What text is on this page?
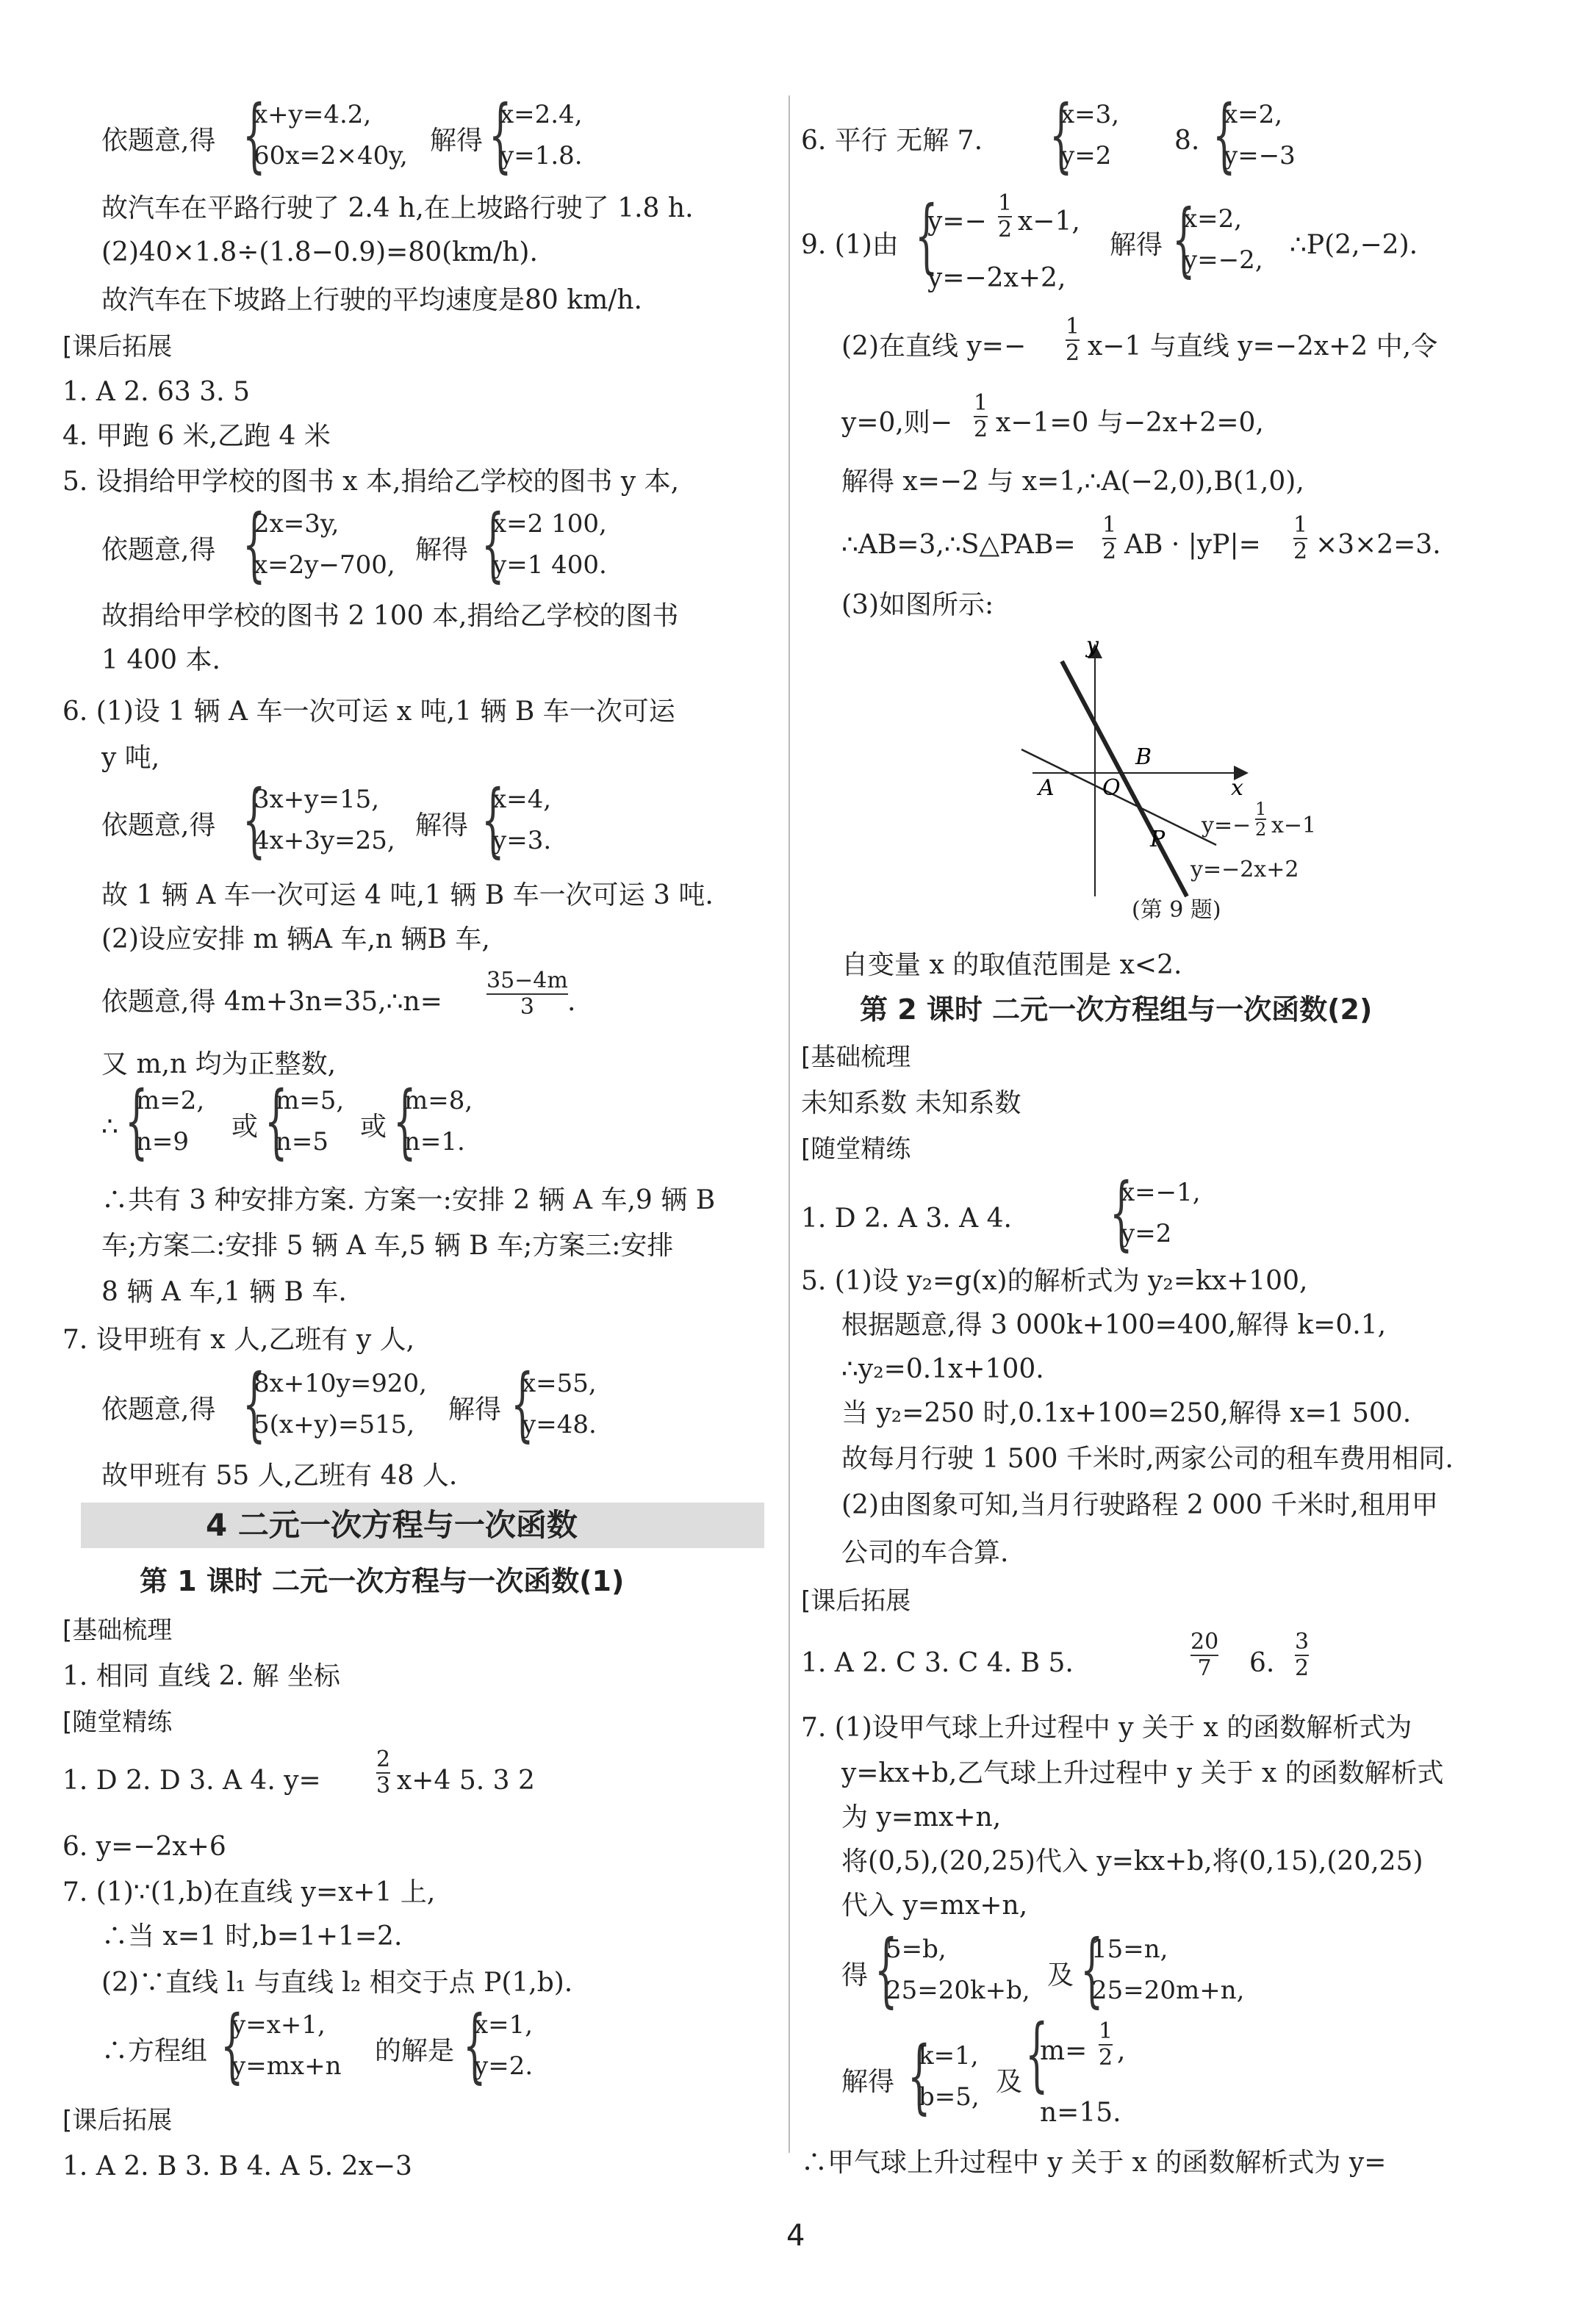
依题意,得 {
x+y=4.2,
60x=2×40y, 解得 {
x=2.4,
y=1.8.
故汽车在平路行驶了 2.4 h,在上坡路行驶了 1.8 h.
(2)40×1.8÷(1.8−0.9)=80(km/h).
故汽车在下坡路上行驶的平均速度是80 km/h.
[课后拓展
1. A 2. 63 3. 5
4. 甲跑 6 米,乙跑 4 米
5. 设捐给甲学校的图书 x 本,捐给乙学校的图书 y 本,
依题意,得 {
2x=3y,
x=2y−700, 解得 {
x=2 100,
y=1 400.
故捐给甲学校的图书 2 100 本,捐给乙学校的图书
1 400 本.
6. (1)设 1 辆 A 车一次可运 x 吨,1 辆 B 车一次可运
y 吨,
依题意,得 {
3x+y=15,
4x+3y=25, 解得 {
x=4,
y=3.
故 1 辆 A 车一次可运 4 吨,1 辆 B 车一次可运 3 吨.
(2)设应安排 m 辆A 车,n 辆B 车,
依题意,得 4m+3n=35,∴n= $\frac{35-4m}{3}$ .
又 m,n 均为正整数,
∴ {
m=2,
n=9	或 {
m=5,
n=5	或 {
m=8,
n=1.
∴共有 3 种安排方案. 方案一:安排 2 辆 A 车,9 辆 B
车;方案二:安排 5 辆 A 车,5 辆 B 车;方案三:安排
8 辆 A 车,1 辆 B 车.
7. 设甲班有 x 人,乙班有 y 人,
依题意,得 {
8x+10y=920,
5(x+y)=515,	解得 {
x=55,
y=48.
故甲班有 55 人,乙班有 48 人.
4 二元一次方程与一次函数
第 1 课时 二元一次方程与一次函数(1)
[基础梳理
1. 相同 直线 2. 解 坐标
[随堂精练
1. D 2. D 3. A 4. y=	$\frac{2}{3} x+4$ 5. 3 2
6. y=−2x+6
7. (1)∵(1,b)在直线 y=x+1 上,
∴当 x=1 时,b=1+1=2.
(2)∵直线 l₁ 与直线 l₂ 相交于点 P(1,b).
∴方程组 {
y=x+1,
y=mx+n 的解是 {
x=1,
y=2.
[课后拓展
1. A 2. B 3. B 4. A 5. 2x−3
6. 平行 无解 7. {
x=3,
y=2 8. {
x=2,
y=−3
9. (1)由 {
$y=- \frac{1}{2} x-1$,
y=−2x+2,
解得 {
x=2,
y=−2, ∴P(2,−2).
(2)在直线 $y=- \frac{1}{2} x-1$ 与直线 y=−2x+2 中,令
y=0,则− $\frac{1}{2} x-1=0$ 与−2x+2=0,
解得 x=−2 与 x=1,∴A(−2,0),B(1,0),
∴AB=3,∴S△PAB= $\frac{1}{2}$ AB · $|yP|= \frac{1}{2} \times 3\times 2=3$.
(3)如图所示:
y
x
B
A O
P
$y=- \frac{1}{2} x-1$
y=−2x+2
(第 9 题)
自变量 x 的取值范围是 x<2.
第 2 课时 二元一次方程组与一次函数(2)
[基础梳理
未知系数 未知系数
[随堂精练
1. D 2. A 3. A 4. {
x=−1,
y=2
5. (1)设 y₂=g(x)的解析式为 y₂=kx+100,
根据题意,得 3 000k+100=400,解得 k=0.1,
∴y₂=0.1x+100.
当 y₂=250 时,0.1x+100=250,解得 x=1 500.
故每月行驶 1 500 千米时,两家公司的租车费用相同.
(2)由图象可知,当月行驶路程 2 000 千米时,租用甲
公司的车合算.
[课后拓展
1. A 2. C 3. C 4. B 5.	$\frac{20}{7} 6$. $\frac{3}{2}$
7. (1)设甲气球上升过程中 y 关于 x 的函数解析式为
y=kx+b,乙气球上升过程中 y 关于 x 的函数解析式
为 y=mx+n,
将(0,5),(20,25)代入 y=kx+b,将(0,15),(20,25)
代入 y=mx+n,
得 {
5=b,
25=20k+b, 及 {
15=n,
25=20m+n,
解得 {
k=1,
b=5, 及 {
$m= \frac{1}{2}$ ,
n=15.
∴甲气球上升过程中 y 关于 x 的函数解析式为 y=
4
